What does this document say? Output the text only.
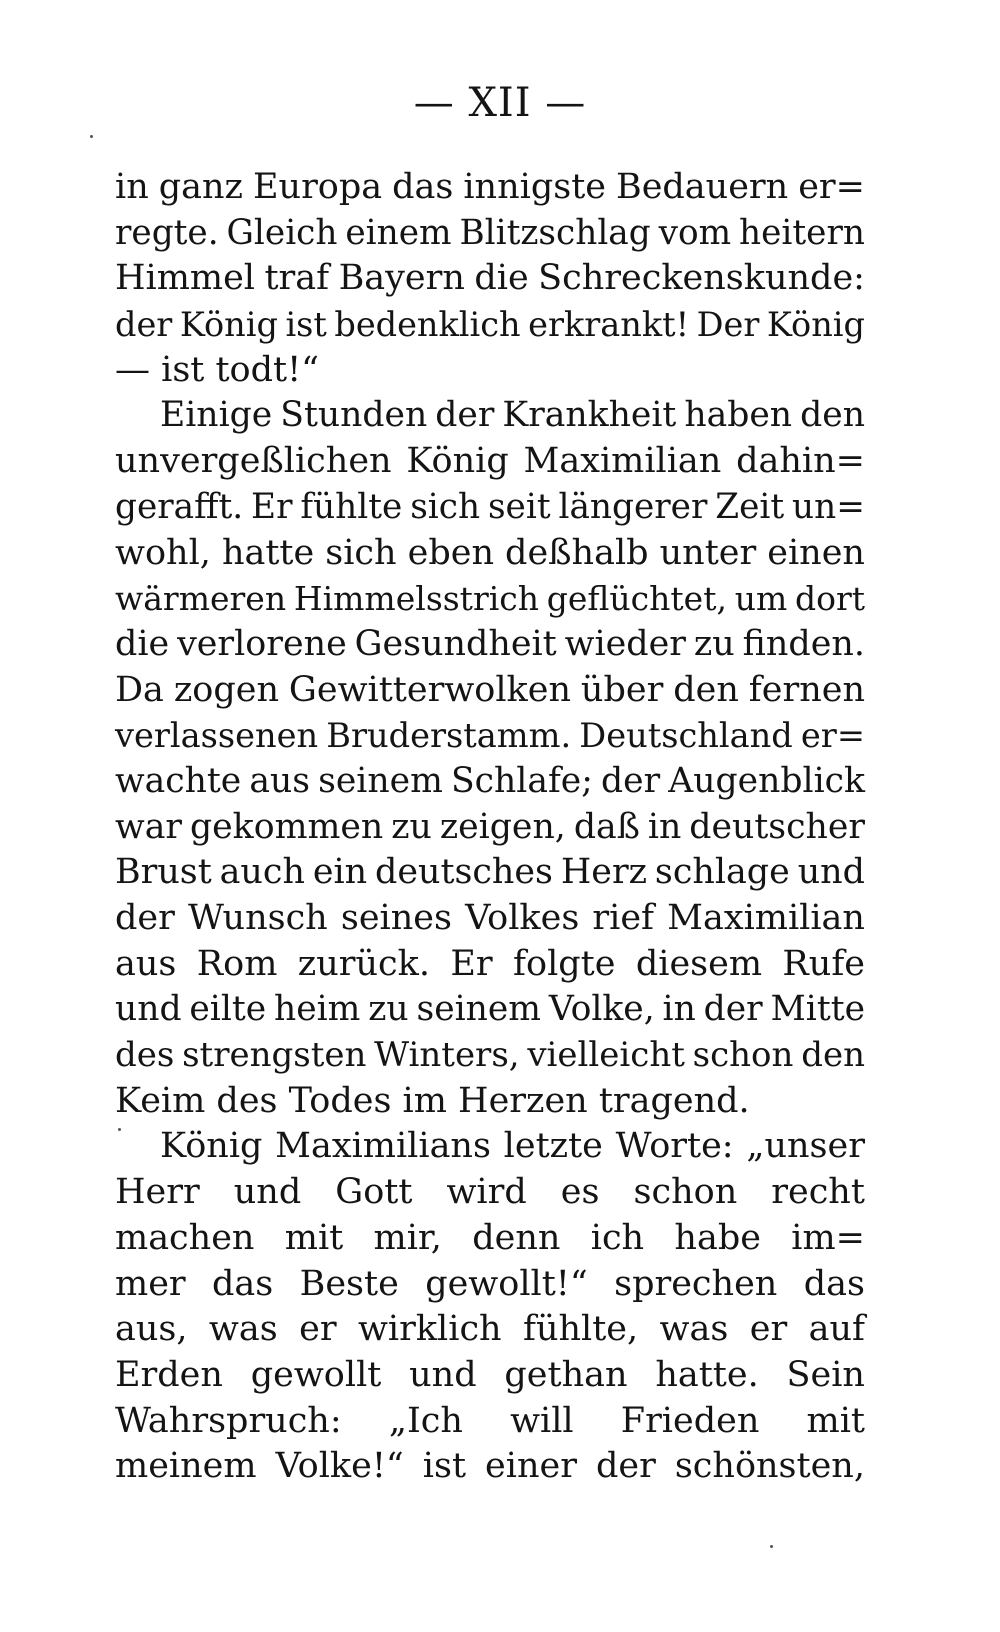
— XII —
in ganz Europa das innigste Bedauern er=
regte. Gleich einem Blitzschlag vom heitern
Himmel traf Bayern die Schreckenskunde:
der König ist bedenklich erkrankt! Der König
— ist todt!“
Einige Stunden der Krankheit haben den
unvergeßlichen König Maximilian dahin=
gerafft. Er fühlte sich seit längerer Zeit un=
wohl, hatte sich eben deßhalb unter einen
wärmeren Himmelsstrich geflüchtet, um dort
die verlorene Gesundheit wieder zu finden.
Da zogen Gewitterwolken über den fernen
verlassenen Bruderstamm. Deutschland er=
wachte aus seinem Schlafe; der Augenblick
war gekommen zu zeigen, daß in deutscher
Brust auch ein deutsches Herz schlage und
der Wunsch seines Volkes rief Maximilian
aus Rom zurück. Er folgte diesem Rufe
und eilte heim zu seinem Volke, in der Mitte
des strengsten Winters, vielleicht schon den
Keim des Todes im Herzen tragend.
König Maximilians letzte Worte: „unser
Herr und Gott wird es schon recht
machen mit mir, denn ich habe im=
mer das Beste gewollt!“ sprechen das
aus, was er wirklich fühlte, was er auf
Erden gewollt und gethan hatte. Sein
Wahrspruch: „Ich will Frieden mit
meinem Volke!“ ist einer der schönsten,
